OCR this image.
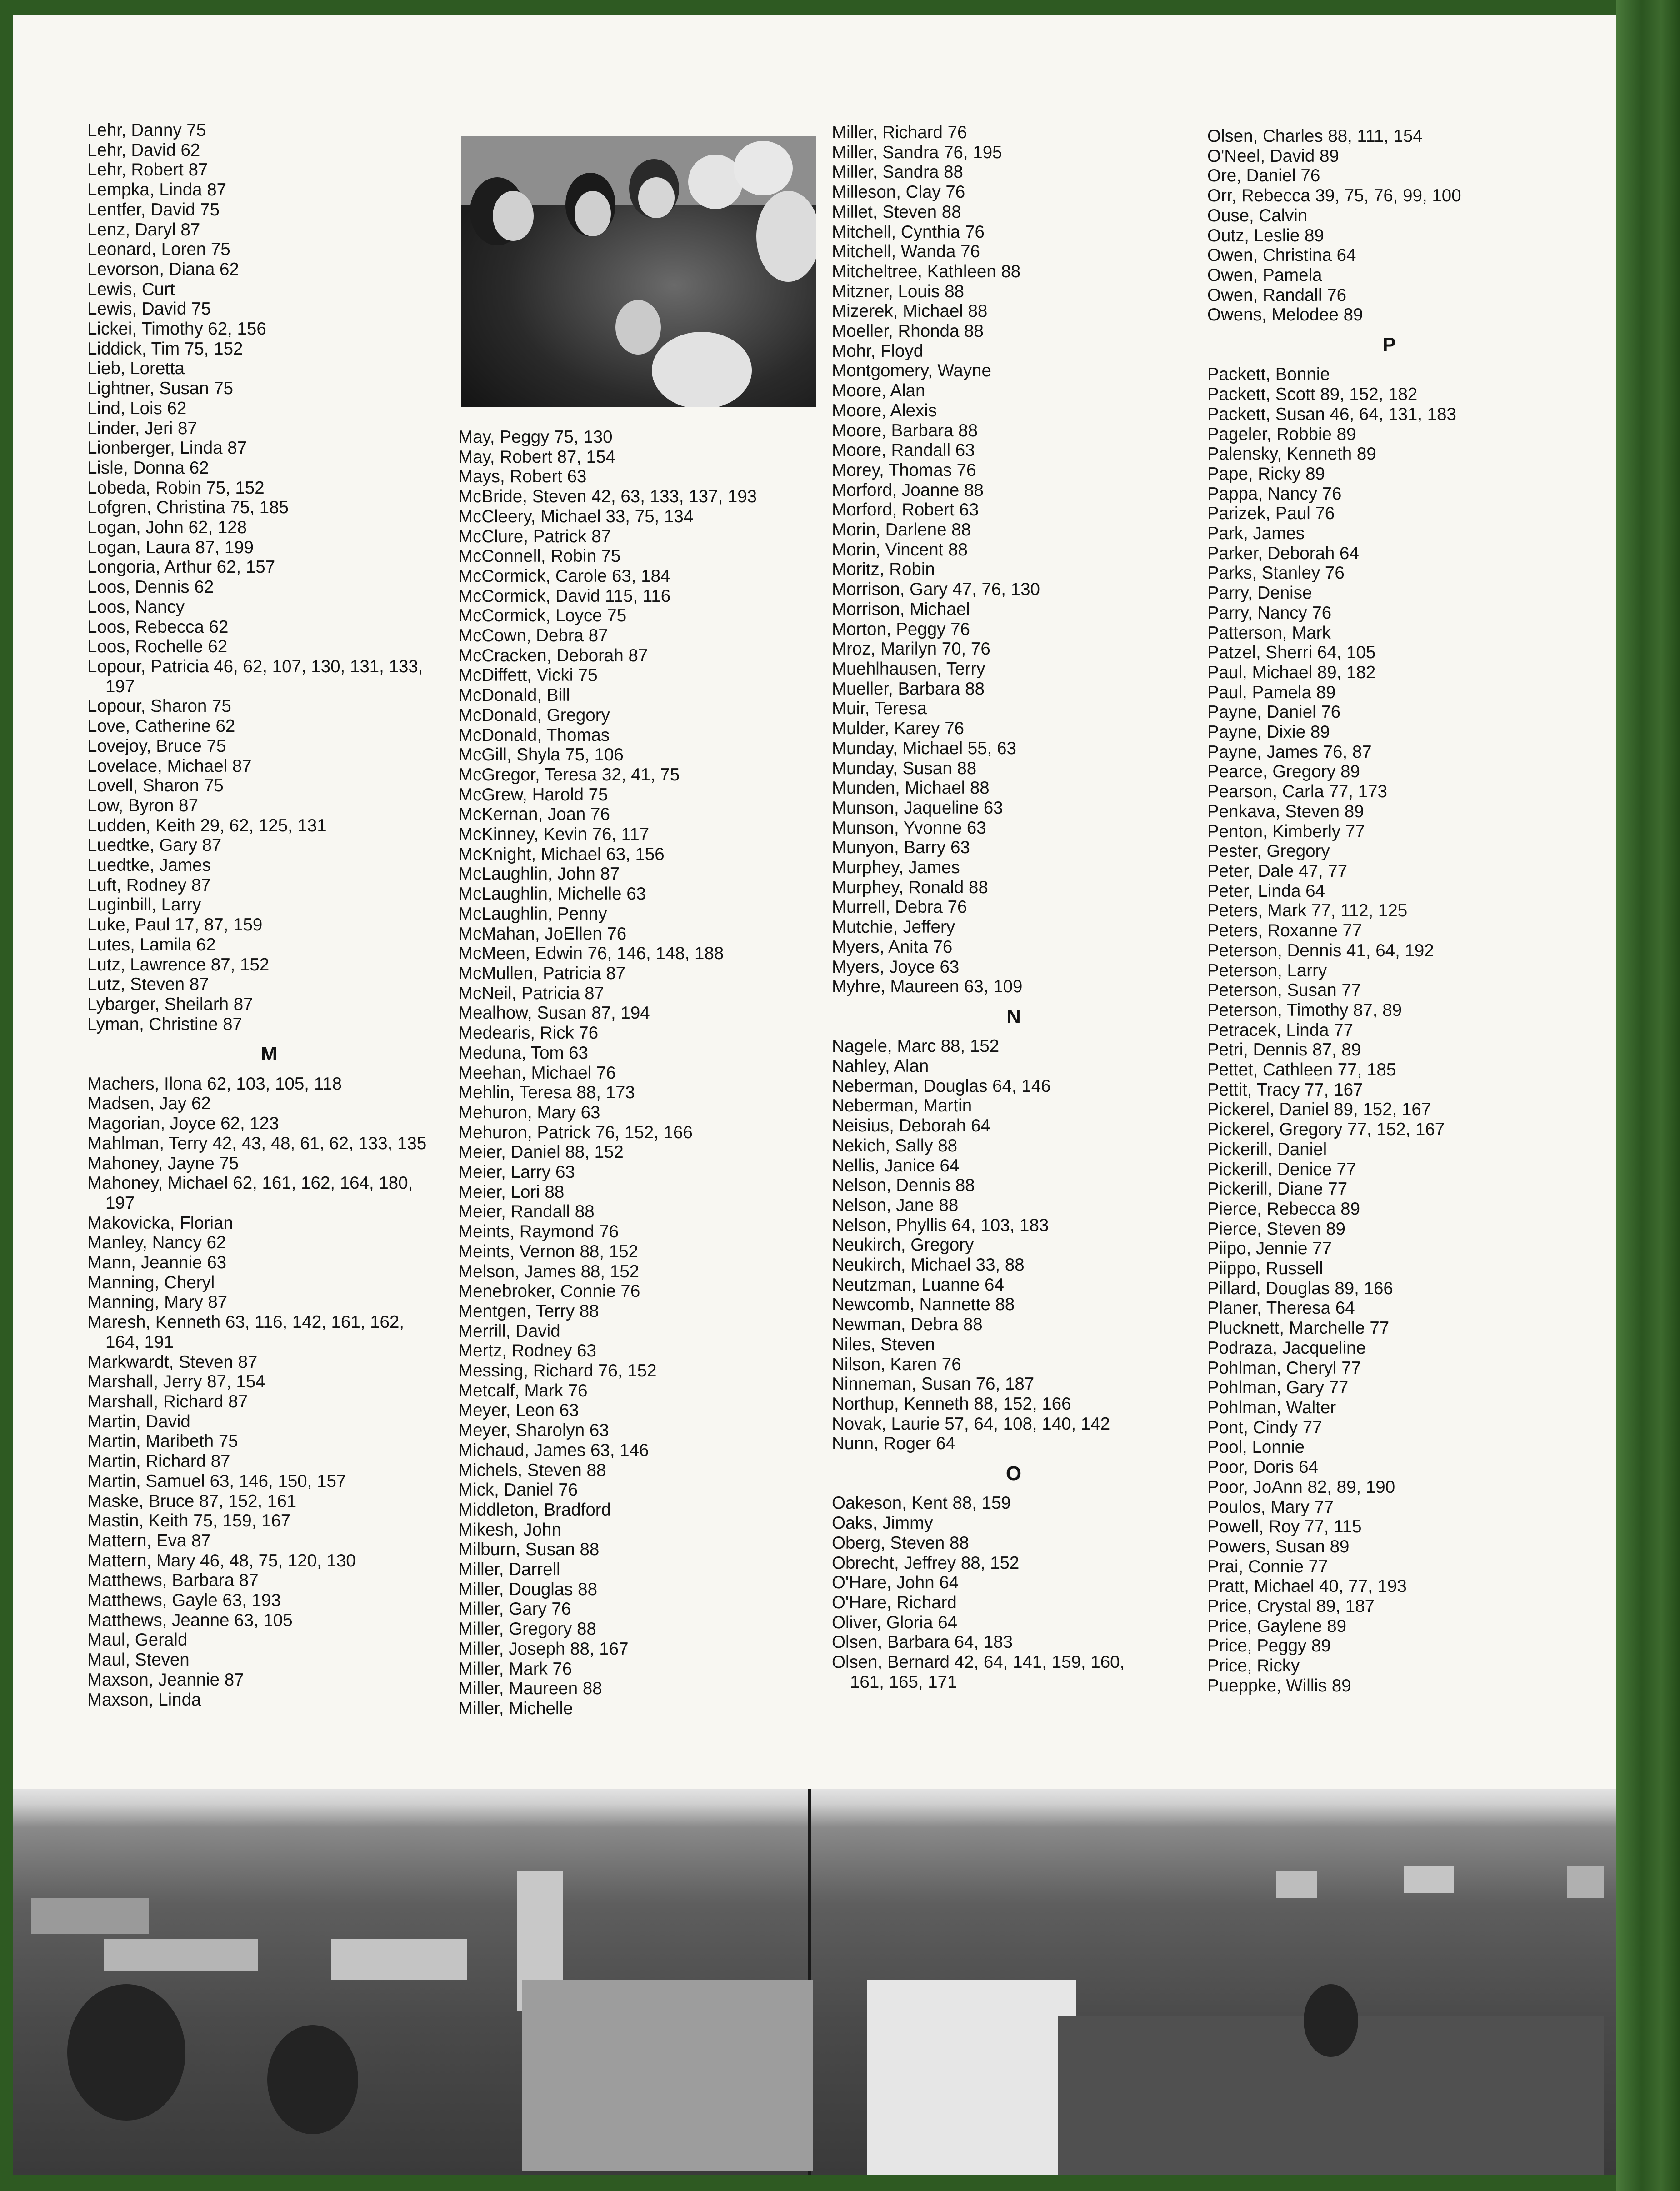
Lehr, Danny 75
Lehr, David 62
Lehr, Robert 87
Lempka, Linda 87
Lentfer, David 75
Lenz, Daryl 87
Leonard, Loren 75
Levorson, Diana 62
Lewis, Curt
Lewis, David 75
Lickei, Timothy 62, 156
Liddick, Tim 75, 152
Lieb, Loretta
Lightner, Susan 75
Lind, Lois 62
Linder, Jeri 87
Lionberger, Linda 87
Lisle, Donna 62
Lobeda, Robin 75, 152
Lofgren, Christina 75, 185
Logan, John 62, 128
Logan, Laura 87, 199
Longoria, Arthur 62, 157
Loos, Dennis 62
Loos, Nancy
Loos, Rebecca 62
Loos, Rochelle 62
Lopour, Patricia 46, 62, 107, 130, 131, 133,
197
Lopour, Sharon 75
Love, Catherine 62
Lovejoy, Bruce 75
Lovelace, Michael 87
Lovell, Sharon 75
Low, Byron 87
Ludden, Keith 29, 62, 125, 131
Luedtke, Gary 87
Luedtke, James
Luft, Rodney 87
Luginbill, Larry
Luke, Paul 17, 87, 159
Lutes, Lamila 62
Lutz, Lawrence 87, 152
Lutz, Steven 87
Lybarger, Sheilarh 87
Lyman, Christine 87
M
Machers, Ilona 62, 103, 105, 118
Madsen, Jay 62
Magorian, Joyce 62, 123
Mahlman, Terry 42, 43, 48, 61, 62, 133, 135
Mahoney, Jayne 75
Mahoney, Michael 62, 161, 162, 164, 180,
197
Makovicka, Florian
Manley, Nancy 62
Mann, Jeannie 63
Manning, Cheryl
Manning, Mary 87
Maresh, Kenneth 63, 116, 142, 161, 162,
164, 191
Markwardt, Steven 87
Marshall, Jerry 87, 154
Marshall, Richard 87
Martin, David
Martin, Maribeth 75
Martin, Richard 87
Martin, Samuel 63, 146, 150, 157
Maske, Bruce 87, 152, 161
Mastin, Keith 75, 159, 167
Mattern, Eva 87
Mattern, Mary 46, 48, 75, 120, 130
Matthews, Barbara 87
Matthews, Gayle 63, 193
Matthews, Jeanne 63, 105
Maul, Gerald
Maul, Steven
Maxson, Jeannie 87
Maxson, Linda
May, Peggy 75, 130
May, Robert 87, 154
Mays, Robert 63
McBride, Steven 42, 63, 133, 137, 193
McCleery, Michael 33, 75, 134
McClure, Patrick 87
McConnell, Robin 75
McCormick, Carole 63, 184
McCormick, David 115, 116
McCormick, Loyce 75
McCown, Debra 87
McCracken, Deborah 87
McDiffett, Vicki 75
McDonald, Bill
McDonald, Gregory
McDonald, Thomas
McGill, Shyla 75, 106
McGregor, Teresa 32, 41, 75
McGrew, Harold 75
McKernan, Joan 76
McKinney, Kevin 76, 117
McKnight, Michael 63, 156
McLaughlin, John 87
McLaughlin, Michelle 63
McLaughlin, Penny
McMahan, JoEllen 76
McMeen, Edwin 76, 146, 148, 188
McMullen, Patricia 87
McNeil, Patricia 87
Mealhow, Susan 87, 194
Medearis, Rick 76
Meduna, Tom 63
Meehan, Michael 76
Mehlin, Teresa 88, 173
Mehuron, Mary 63
Mehuron, Patrick 76, 152, 166
Meier, Daniel 88, 152
Meier, Larry 63
Meier, Lori 88
Meier, Randall 88
Meints, Raymond 76
Meints, Vernon 88, 152
Melson, James 88, 152
Menebroker, Connie 76
Mentgen, Terry 88
Merrill, David
Mertz, Rodney 63
Messing, Richard 76, 152
Metcalf, Mark 76
Meyer, Leon 63
Meyer, Sharolyn 63
Michaud, James 63, 146
Michels, Steven 88
Mick, Daniel 76
Middleton, Bradford
Mikesh, John
Milburn, Susan 88
Miller, Darrell
Miller, Douglas 88
Miller, Gary 76
Miller, Gregory 88
Miller, Joseph 88, 167
Miller, Mark 76
Miller, Maureen 88
Miller, Michelle
Miller, Richard 76
Miller, Sandra 76, 195
Miller, Sandra 88
Milleson, Clay 76
Millet, Steven 88
Mitchell, Cynthia 76
Mitchell, Wanda 76
Mitcheltree, Kathleen 88
Mitzner, Louis 88
Mizerek, Michael 88
Moeller, Rhonda 88
Mohr, Floyd
Montgomery, Wayne
Moore, Alan
Moore, Alexis
Moore, Barbara 88
Moore, Randall 63
Morey, Thomas 76
Morford, Joanne 88
Morford, Robert 63
Morin, Darlene 88
Morin, Vincent 88
Moritz, Robin
Morrison, Gary 47, 76, 130
Morrison, Michael
Morton, Peggy 76
Mroz, Marilyn 70, 76
Muehlhausen, Terry
Mueller, Barbara 88
Muir, Teresa
Mulder, Karey 76
Munday, Michael 55, 63
Munday, Susan 88
Munden, Michael 88
Munson, Jaqueline 63
Munson, Yvonne 63
Munyon, Barry 63
Murphey, James
Murphey, Ronald 88
Murrell, Debra 76
Mutchie, Jeffery
Myers, Anita 76
Myers, Joyce 63
Myhre, Maureen 63, 109
N
Nagele, Marc 88, 152
Nahley, Alan
Neberman, Douglas 64, 146
Neberman, Martin
Neisius, Deborah 64
Nekich, Sally 88
Nellis, Janice 64
Nelson, Dennis 88
Nelson, Jane 88
Nelson, Phyllis 64, 103, 183
Neukirch, Gregory
Neukirch, Michael 33, 88
Neutzman, Luanne 64
Newcomb, Nannette 88
Newman, Debra 88
Niles, Steven
Nilson, Karen 76
Ninneman, Susan 76, 187
Northup, Kenneth 88, 152, 166
Novak, Laurie 57, 64, 108, 140, 142
Nunn, Roger 64
O
Oakeson, Kent 88, 159
Oaks, Jimmy
Oberg, Steven 88
Obrecht, Jeffrey 88, 152
O'Hare, John 64
O'Hare, Richard
Oliver, Gloria 64
Olsen, Barbara 64, 183
Olsen, Bernard 42, 64, 141, 159, 160,
161, 165, 171
Olsen, Charles 88, 111, 154
O'Neel, David 89
Ore, Daniel 76
Orr, Rebecca 39, 75, 76, 99, 100
Ouse, Calvin
Outz, Leslie 89
Owen, Christina 64
Owen, Pamela
Owen, Randall 76
Owens, Melodee 89
P
Packett, Bonnie
Packett, Scott 89, 152, 182
Packett, Susan 46, 64, 131, 183
Pageler, Robbie 89
Palensky, Kenneth 89
Pape, Ricky 89
Pappa, Nancy 76
Parizek, Paul 76
Park, James
Parker, Deborah 64
Parks, Stanley 76
Parry, Denise
Parry, Nancy 76
Patterson, Mark
Patzel, Sherri 64, 105
Paul, Michael 89, 182
Paul, Pamela 89
Payne, Daniel 76
Payne, Dixie 89
Payne, James 76, 87
Pearce, Gregory 89
Pearson, Carla 77, 173
Penkava, Steven 89
Penton, Kimberly 77
Pester, Gregory
Peter, Dale 47, 77
Peter, Linda 64
Peters, Mark 77, 112, 125
Peters, Roxanne 77
Peterson, Dennis 41, 64, 192
Peterson, Larry
Peterson, Susan 77
Peterson, Timothy 87, 89
Petracek, Linda 77
Petri, Dennis 87, 89
Pettet, Cathleen 77, 185
Pettit, Tracy 77, 167
Pickerel, Daniel 89, 152, 167
Pickerel, Gregory 77, 152, 167
Pickerill, Daniel
Pickerill, Denice 77
Pickerill, Diane 77
Pierce, Rebecca 89
Pierce, Steven 89
Piipo, Jennie 77
Piippo, Russell
Pillard, Douglas 89, 166
Planer, Theresa 64
Plucknett, Marchelle 77
Podraza, Jacqueline
Pohlman, Cheryl 77
Pohlman, Gary 77
Pohlman, Walter
Pont, Cindy 77
Pool, Lonnie
Poor, Doris 64
Poor, JoAnn 82, 89, 190
Poulos, Mary 77
Powell, Roy 77, 115
Powers, Susan 89
Prai, Connie 77
Pratt, Michael 40, 77, 193
Price, Crystal 89, 187
Price, Gaylene 89
Price, Peggy 89
Price, Ricky
Pueppke, Willis 89
